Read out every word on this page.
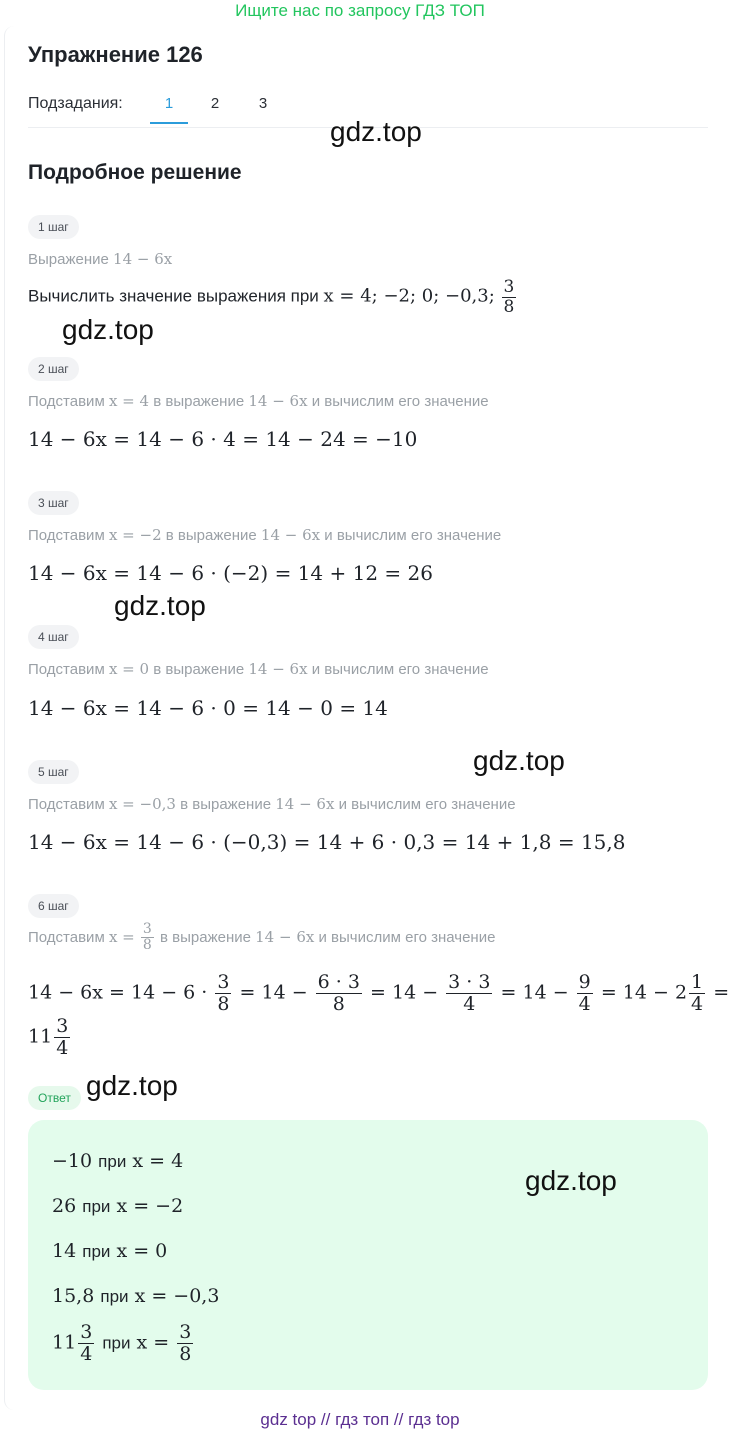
Ищите нас по запросу ГДЗ ТОП
Упражнение 126
Подзадания:	1	2	3
gdz.top
Подробное решение
1 шаг
Выражение 14 − 6x
Вычислить значение выражения при x = 4; −2; 0; −0,3; $\frac{3}{8}$
gdz.top
2 шаг
Подставим x = 4 в выражение 14 − 6x и вычислим его значение
14 − 6x = 14 − 6 · 4 = 14 − 24 = −10
3 шаг
Подставим x = −2 в выражение 14 − 6x и вычислим его значение
14 − 6x = 14 − 6 · (−2) = 14 + 12 = 26
gdz.top
4 шаг
Подставим x = 0 в выражение 14 − 6x и вычислим его значение
14 − 6x = 14 − 6 · 0 = 14 − 0 = 14
gdz.top
5 шаг
Подставим x = −0,3 в выражение 14 − 6x и вычислим его значение
14 − 6x = 14 − 6 · (−0,3) = 14 + 6 · 0,3 = 14 + 1,8 = 15,8
6 шаг
Подставим $x = \frac{3}{8}$ в выражение 14 − 6x и вычислим его значение
$14 - 6x = 14 - 6 \cdot \frac{3}{8} = 14 - \frac{6 \cdot 3}{8} = 14 - \frac{3 \cdot 3}{4} = 14 - \frac{9}{4} = 14 - 2 \frac{1}{4}$ =
$11 \frac{3}{4}$
gdz.top
Ответ
−10 при x = 4
26 при x = −2
14 при x = 0
15,8 при x = −0,3
$11 \frac{3}{4}$ при $x = \frac{3}{8}$
gdz.top
gdz top // гдз топ // гдз top
